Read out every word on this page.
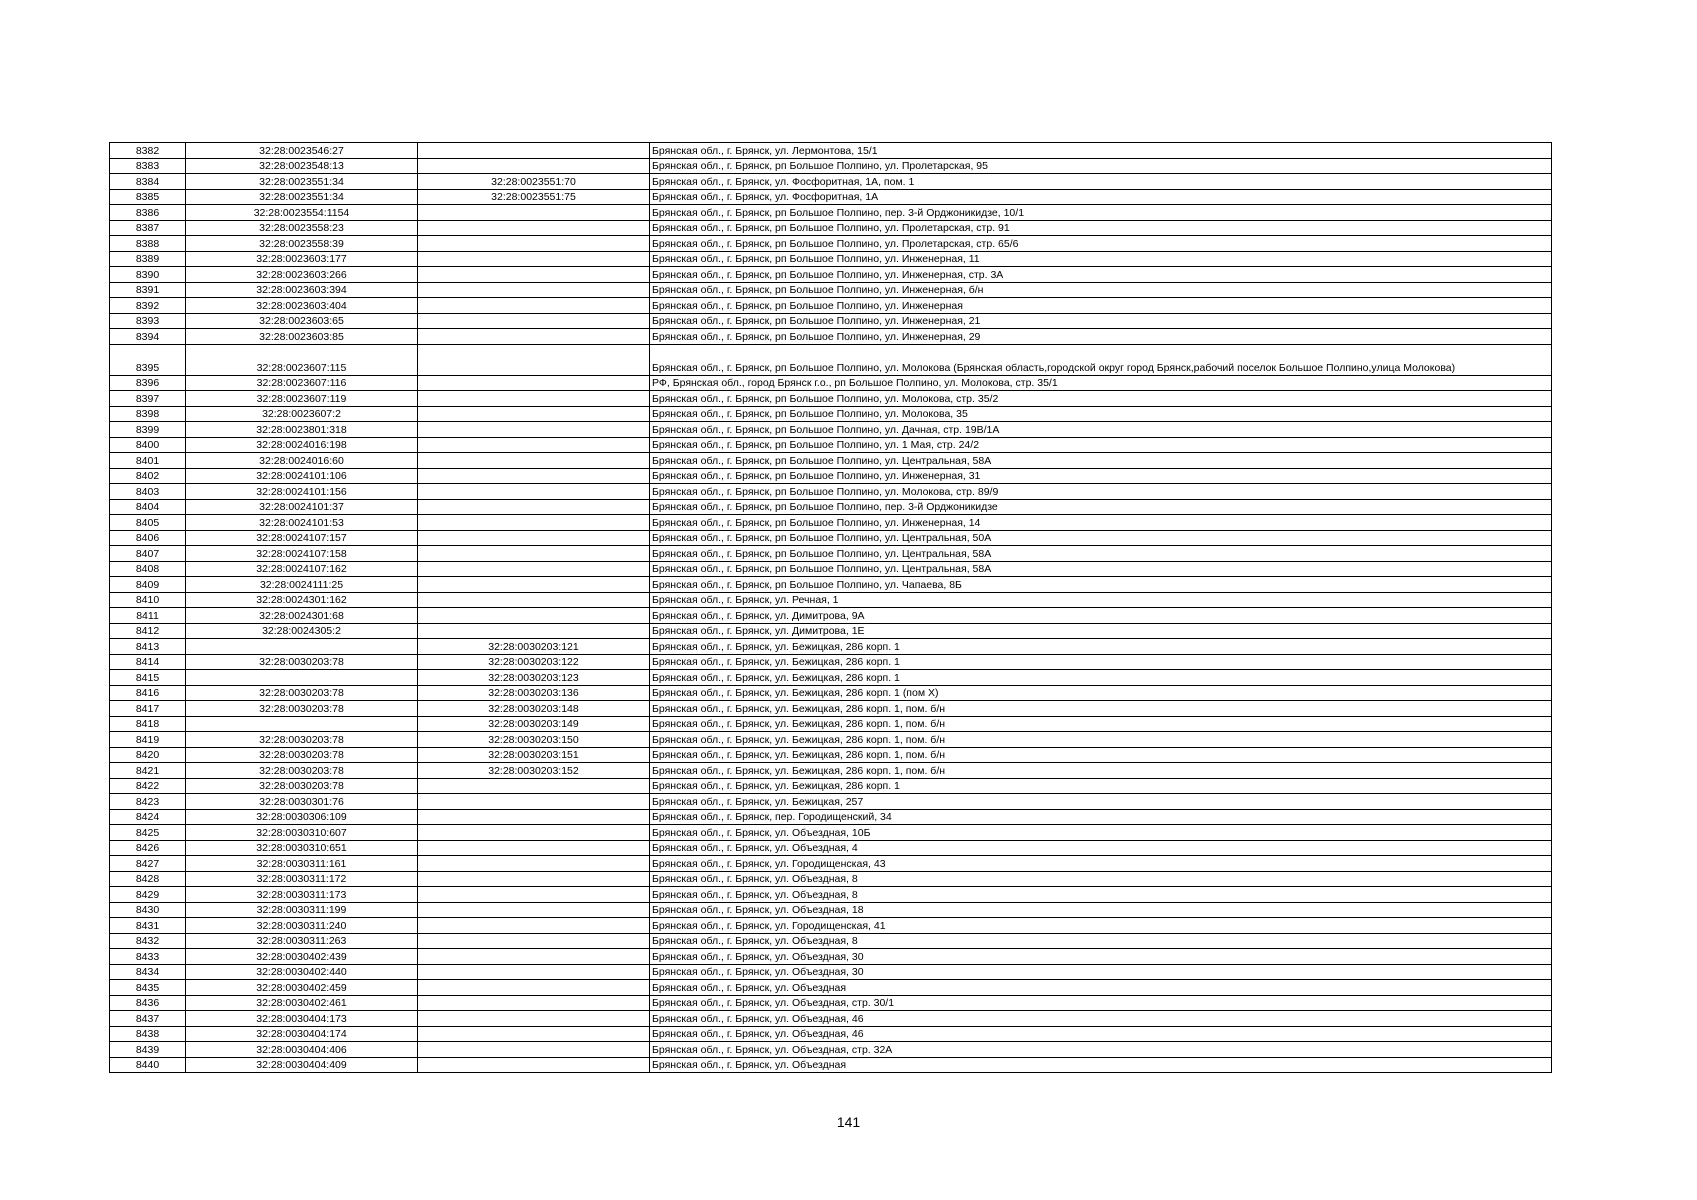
8382	32:28:0023546:27		Брянская обл., г. Брянск, ул. Лермонтова, 15/1
8383	32:28:0023548:13		Брянская обл., г. Брянск, рп Большое Полпино, ул. Пролетарская, 95
8384	32:28:0023551:34	32:28:0023551:70	Брянская обл., г. Брянск, ул. Фосфоритная, 1А, пом. 1
8385	32:28:0023551:34	32:28:0023551:75	Брянская обл., г. Брянск, ул. Фосфоритная, 1А
8386	32:28:0023554:1154		Брянская обл., г. Брянск, рп Большое Полпино, пер. 3-й Орджоникидзе, 10/1
8387	32:28:0023558:23		Брянская обл., г. Брянск, рп Большое Полпино, ул. Пролетарская, стр. 91
8388	32:28:0023558:39		Брянская обл., г. Брянск, рп Большое Полпино, ул. Пролетарская, стр. 65/6
8389	32:28:0023603:177		Брянская обл., г. Брянск, рп Большое Полпино, ул. Инженерная, 11
8390	32:28:0023603:266		Брянская обл., г. Брянск, рп Большое Полпино, ул. Инженерная, стр. 3А
8391	32:28:0023603:394		Брянская обл., г. Брянск, рп Большое Полпино, ул. Инженерная, б/н
8392	32:28:0023603:404		Брянская обл., г. Брянск, рп Большое Полпино, ул. Инженерная
8393	32:28:0023603:65		Брянская обл., г. Брянск, рп Большое Полпино, ул. Инженерная, 21
8394	32:28:0023603:85		Брянская обл., г. Брянск, рп Большое Полпино, ул. Инженерная, 29
8395	32:28:0023607:115		Брянская обл., г. Брянск, рп Большое Полпино, ул. Молокова (Брянская область,городской округ город Брянск,рабочий поселок Большое Полпино,улица Молокова)
8396	32:28:0023607:116		РФ, Брянская обл., город Брянск г.о., рп Большое Полпино, ул. Молокова, стр. 35/1
8397	32:28:0023607:119		Брянская обл., г. Брянск, рп Большое Полпино, ул. Молокова, стр. 35/2
8398	32:28:0023607:2		Брянская обл., г. Брянск, рп Большое Полпино, ул. Молокова, 35
8399	32:28:0023801:318		Брянская обл., г. Брянск, рп Большое Полпино, ул. Дачная, стр. 19В/1А
8400	32:28:0024016:198		Брянская обл., г. Брянск, рп Большое Полпино, ул. 1 Мая, стр. 24/2
8401	32:28:0024016:60		Брянская обл., г. Брянск, рп Большое Полпино, ул. Центральная, 58А
8402	32:28:0024101:106		Брянская обл., г. Брянск, рп Большое Полпино, ул. Инженерная, 31
8403	32:28:0024101:156		Брянская обл., г. Брянск, рп Большое Полпино, ул. Молокова, стр. 89/9
8404	32:28:0024101:37		Брянская обл., г. Брянск, рп Большое Полпино, пер. 3-й Орджоникидзе
8405	32:28:0024101:53		Брянская обл., г. Брянск, рп Большое Полпино, ул. Инженерная, 14
8406	32:28:0024107:157		Брянская обл., г. Брянск, рп Большое Полпино, ул. Центральная, 50А
8407	32:28:0024107:158		Брянская обл., г. Брянск, рп Большое Полпино, ул. Центральная, 58А
8408	32:28:0024107:162		Брянская обл., г. Брянск, рп Большое Полпино, ул. Центральная, 58А
8409	32:28:0024111:25		Брянская обл., г. Брянск, рп Большое Полпино, ул. Чапаева, 8Б
8410	32:28:0024301:162		Брянская обл., г. Брянск, ул. Речная, 1
8411	32:28:0024301:68		Брянская обл., г. Брянск, ул. Димитрова, 9А
8412	32:28:0024305:2		Брянская обл., г. Брянск, ул. Димитрова, 1Е
8413		32:28:0030203:121	Брянская обл., г. Брянск, ул. Бежицкая, 286 корп. 1
8414	32:28:0030203:78	32:28:0030203:122	Брянская обл., г. Брянск, ул. Бежицкая, 286 корп. 1
8415		32:28:0030203:123	Брянская обл., г. Брянск, ул. Бежицкая, 286 корп. 1
8416	32:28:0030203:78	32:28:0030203:136	Брянская обл., г. Брянск, ул. Бежицкая, 286 корп. 1 (пом X)
8417	32:28:0030203:78	32:28:0030203:148	Брянская обл., г. Брянск, ул. Бежицкая, 286 корп. 1, пом. б/н
8418		32:28:0030203:149	Брянская обл., г. Брянск, ул. Бежицкая, 286 корп. 1, пом. б/н
8419	32:28:0030203:78	32:28:0030203:150	Брянская обл., г. Брянск, ул. Бежицкая, 286 корп. 1, пом. б/н
8420	32:28:0030203:78	32:28:0030203:151	Брянская обл., г. Брянск, ул. Бежицкая, 286 корп. 1, пом. б/н
8421	32:28:0030203:78	32:28:0030203:152	Брянская обл., г. Брянск, ул. Бежицкая, 286 корп. 1, пом. б/н
8422	32:28:0030203:78		Брянская обл., г. Брянск, ул. Бежицкая, 286 корп. 1
8423	32:28:0030301:76		Брянская обл., г. Брянск, ул. Бежицкая, 257
8424	32:28:0030306:109		Брянская обл., г. Брянск, пер. Городищенский, 34
8425	32:28:0030310:607		Брянская обл., г. Брянск, ул. Объездная, 10Б
8426	32:28:0030310:651		Брянская обл., г. Брянск, ул. Объездная, 4
8427	32:28:0030311:161		Брянская обл., г. Брянск, ул. Городищенская, 43
8428	32:28:0030311:172		Брянская обл., г. Брянск, ул. Объездная, 8
8429	32:28:0030311:173		Брянская обл., г. Брянск, ул. Объездная, 8
8430	32:28:0030311:199		Брянская обл., г. Брянск, ул. Объездная, 18
8431	32:28:0030311:240		Брянская обл., г. Брянск, ул. Городищенская, 41
8432	32:28:0030311:263		Брянская обл., г. Брянск, ул. Объездная, 8
8433	32:28:0030402:439		Брянская обл., г. Брянск, ул. Объездная, 30
8434	32:28:0030402:440		Брянская обл., г. Брянск, ул. Объездная, 30
8435	32:28:0030402:459		Брянская обл., г. Брянск, ул. Объездная
8436	32:28:0030402:461		Брянская обл., г. Брянск, ул. Объездная, стр. 30/1
8437	32:28:0030404:173		Брянская обл., г. Брянск, ул. Объездная, 46
8438	32:28:0030404:174		Брянская обл., г. Брянск, ул. Объездная, 46
8439	32:28:0030404:406		Брянская обл., г. Брянск, ул. Объездная, стр. 32А
8440	32:28:0030404:409		Брянская обл., г. Брянск, ул. Объездная
141
